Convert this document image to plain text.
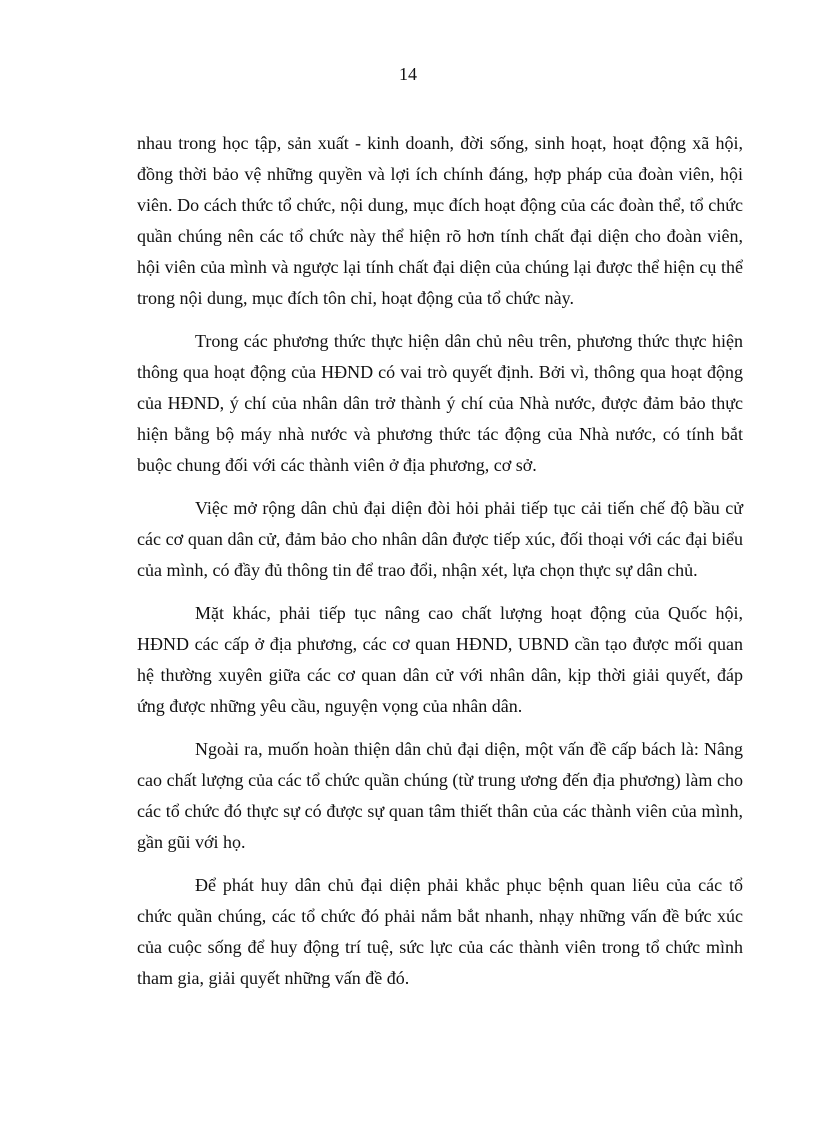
14

nhau trong học tập, sản xuất - kinh doanh, đời sống, sinh hoạt, hoạt động xã hội, đồng thời bảo vệ những quyền và lợi ích chính đáng, hợp pháp của đoàn viên, hội viên. Do cách thức tổ chức, nội dung, mục đích hoạt động của các đoàn thể, tổ chức quần chúng nên các tổ chức này thể hiện rõ hơn tính chất đại diện cho đoàn viên, hội viên của mình và ngược lại tính chất đại diện của chúng lại được thể hiện cụ thể trong nội dung, mục đích tôn chỉ, hoạt động của tổ chức này.

Trong các phương thức thực hiện dân chủ nêu trên, phương thức thực hiện thông qua hoạt động của HĐND có vai trò quyết định. Bởi vì, thông qua hoạt động của HĐND, ý chí của nhân dân trở thành ý chí của Nhà nước, được đảm bảo thực hiện bằng bộ máy nhà nước và phương thức tác động của Nhà nước, có tính bắt buộc chung đối với các thành viên ở địa phương, cơ sở.

Việc mở rộng dân chủ đại diện đòi hỏi phải tiếp tục cải tiến chế độ bầu cử các cơ quan dân cử, đảm bảo cho nhân dân được tiếp xúc, đối thoại với các đại biểu của mình, có đầy đủ thông tin để trao đổi, nhận xét, lựa chọn thực sự dân chủ.

Mặt khác, phải tiếp tục nâng cao chất lượng hoạt động của Quốc hội, HĐND các cấp ở địa phương, các cơ quan HĐND, UBND cần tạo được mối quan hệ thường xuyên giữa các cơ quan dân cử với nhân dân, kịp thời giải quyết, đáp ứng được những yêu cầu, nguyện vọng của nhân dân.

Ngoài ra, muốn hoàn thiện dân chủ đại diện, một vấn đề cấp bách là: Nâng cao chất lượng của các tổ chức quần chúng (từ trung ương đến địa phương) làm cho các tổ chức đó thực sự có được sự quan tâm thiết thân của các thành viên của mình, gần gũi với họ.

Để phát huy dân chủ đại diện phải khắc phục bệnh quan liêu của các tổ chức quần chúng, các tổ chức đó phải nắm bắt nhanh, nhạy những vấn đề bức xúc của cuộc sống để huy động trí tuệ, sức lực của các thành viên trong tổ chức mình tham gia, giải quyết những vấn đề đó.
